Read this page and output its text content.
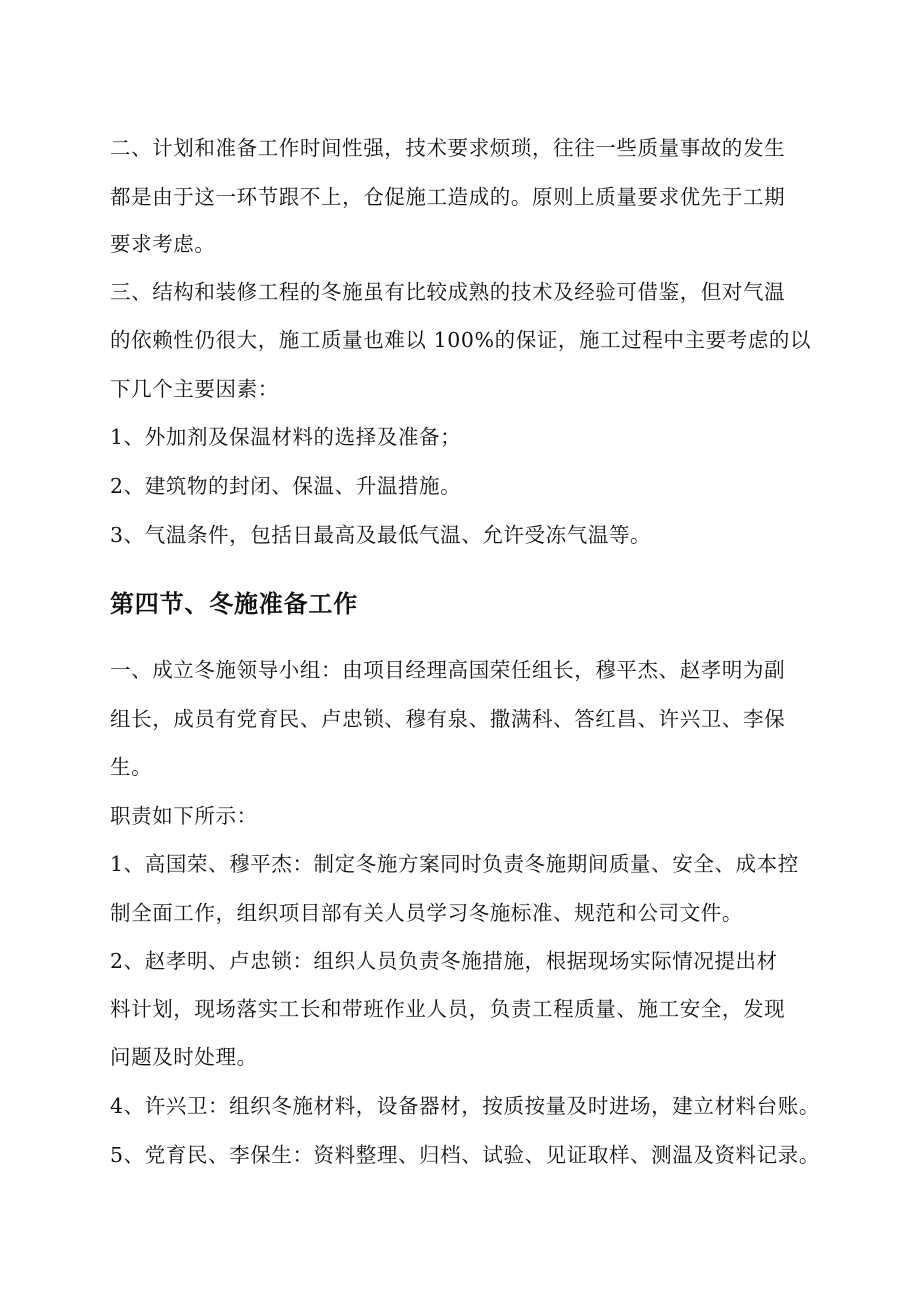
二、计划和准备工作时间性强，技术要求烦琐，往往一些质量事故的发生
都是由于这一环节跟不上，仓促施工造成的。原则上质量要求优先于工期
要求考虑。
三、结构和装修工程的冬施虽有比较成熟的技术及经验可借鉴，但对气温
的依赖性仍很大，施工质量也难以 100%的保证，施工过程中主要考虑的以
下几个主要因素：
1、外加剂及保温材料的选择及准备；
2、建筑物的封闭、保温、升温措施。
3、气温条件，包括日最高及最低气温、允许受冻气温等。
第四节、冬施准备工作
一、成立冬施领导小组：由项目经理高国荣任组长，穆平杰、赵孝明为副
组长，成员有党育民、卢忠锁、穆有泉、撒满科、答红昌、许兴卫、李保
生。
职责如下所示：
1、高国荣、穆平杰：制定冬施方案同时负责冬施期间质量、安全、成本控
制全面工作，组织项目部有关人员学习冬施标准、规范和公司文件。
2、赵孝明、卢忠锁：组织人员负责冬施措施，根据现场实际情况提出材
料计划，现场落实工长和带班作业人员，负责工程质量、施工安全，发现
问题及时处理。
4、许兴卫：组织冬施材料，设备器材，按质按量及时进场，建立材料台账。
5、党育民、李保生：资料整理、归档、试验、见证取样、测温及资料记录。
